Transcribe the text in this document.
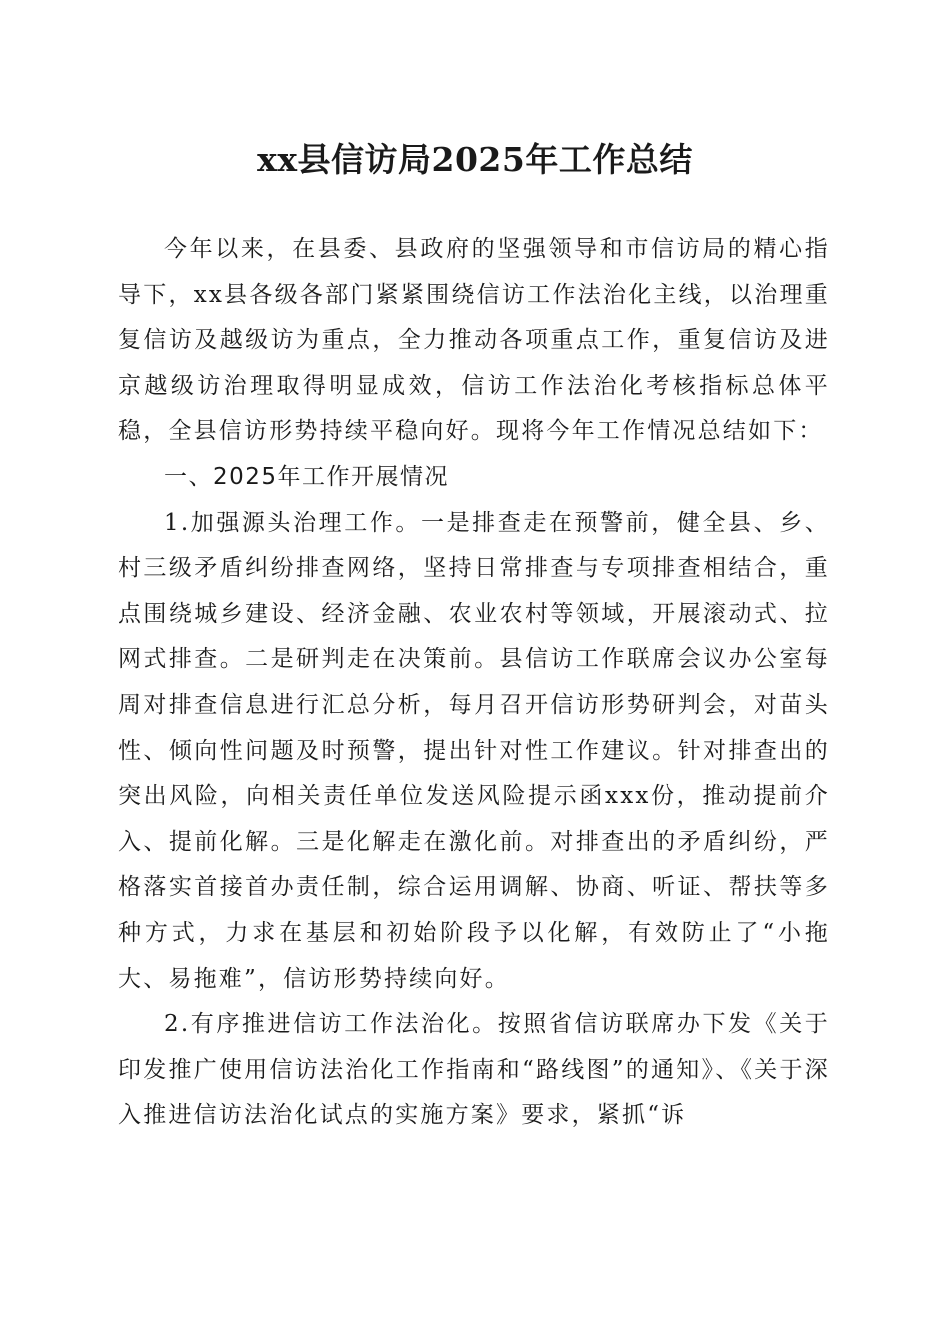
xx县信访局2025年工作总结

今年以来，在县委、县政府的坚强领导和市信访局的精心指导下，xx县各级各部门紧紧围绕信访工作法治化主线，以治理重复信访及越级访为重点，全力推动各项重点工作，重复信访及进京越级访治理取得明显成效，信访工作法治化考核指标总体平稳，全县信访形势持续平稳向好。现将今年工作情况总结如下：

一、2025年工作开展情况

1.加强源头治理工作。一是排查走在预警前，健全县、乡、村三级矛盾纠纷排查网络，坚持日常排查与专项排查相结合，重点围绕城乡建设、经济金融、农业农村等领域，开展滚动式、拉网式排查。二是研判走在决策前。县信访工作联席会议办公室每周对排查信息进行汇总分析，每月召开信访形势研判会，对苗头性、倾向性问题及时预警，提出针对性工作建议。针对排查出的突出风险，向相关责任单位发送风险提示函xxx份，推动提前介入、提前化解。三是化解走在激化前。对排查出的矛盾纠纷，严格落实首接首办责任制，综合运用调解、协商、听证、帮扶等多种方式，力求在基层和初始阶段予以化解，有效防止了“小拖大、易拖难”，信访形势持续向好。

2.有序推进信访工作法治化。按照省信访联席办下发《关于印发推广使用信访法治化工作指南和“路线图”的通知》、《关于深入推进信访法治化试点的实施方案》要求，紧抓“诉
